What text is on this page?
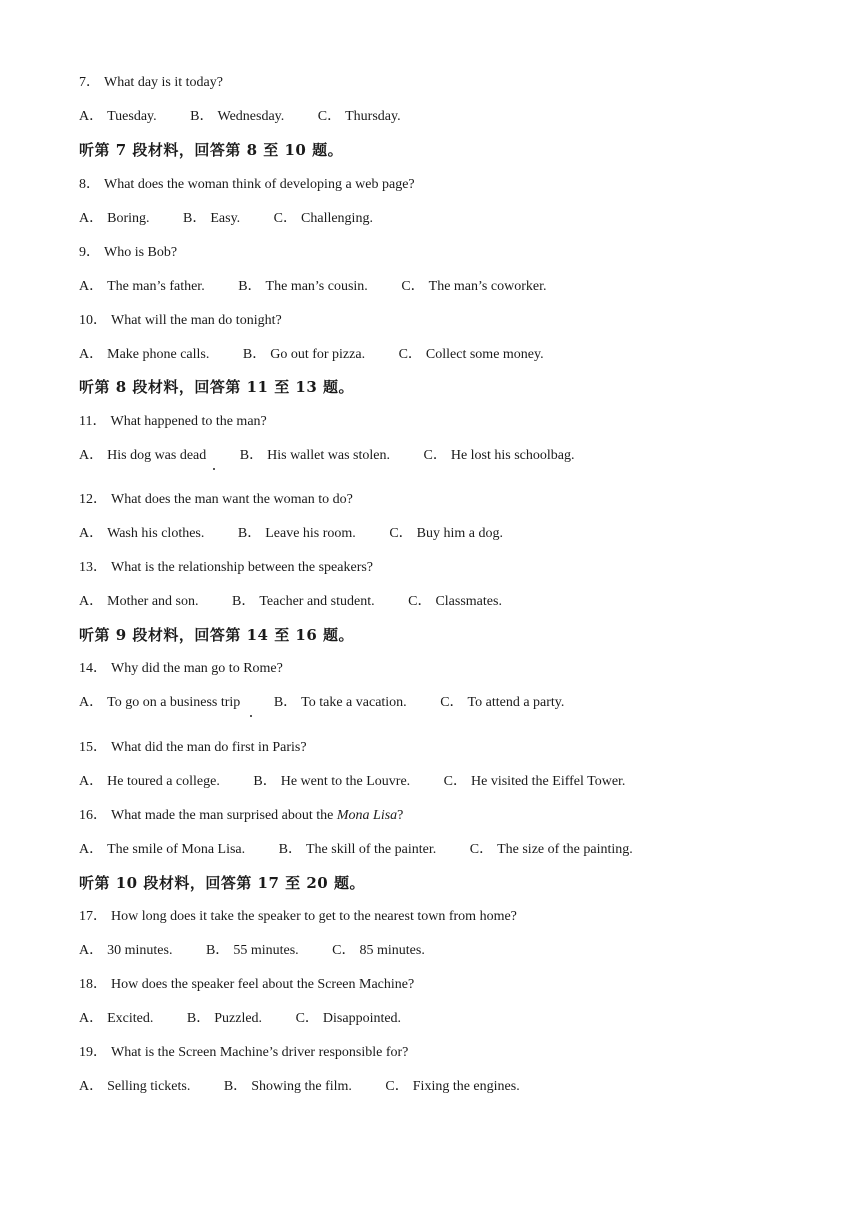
7． What day is it today?
A． Tuesday. B． Wednesday. C． Thursday.
听第 7 段材料，回答第 8 至 10 题。
8． What does the woman think of developing a web page?
A． Boring. B． Easy. C． Challenging.
9． Who is Bob?
A． The man’s father. B． The man’s cousin. C． The man’s coworker.
10． What will the man do tonight?
A． Make phone calls. B． Go out for pizza. C． Collect some money.
听第 8 段材料，回答第 11 至 13 题。
11． What happened to the man?
A． His dog was dead B． His wallet was stolen. C． He lost his schoolbag.
12． What does the man want the woman to do?
A． Wash his clothes. B． Leave his room. C． Buy him a dog.
13． What is the relationship between the speakers?
A． Mother and son. B． Teacher and student. C． Classmates.
听第 9 段材料，回答第 14 至 16 题。
14． Why did the man go to Rome?
A． To go on a business trip B． To take a vacation. C． To attend a party.
15． What did the man do first in Paris?
A． He toured a college. B． He went to the Louvre. C． He visited the Eiffel Tower.
16． What made the man surprised about the Mona Lisa?
A． The smile of Mona Lisa. B． The skill of the painter. C． The size of the painting.
听第 10 段材料，回答第 17 至 20 题。
17． How long does it take the speaker to get to the nearest town from home?
A． 30 minutes. B． 55 minutes. C． 85 minutes.
18． How does the speaker feel about the Screen Machine?
A． Excited. B． Puzzled. C． Disappointed.
19． What is the Screen Machine’s driver responsible for?
A． Selling tickets. B． Showing the film. C． Fixing the engines.
